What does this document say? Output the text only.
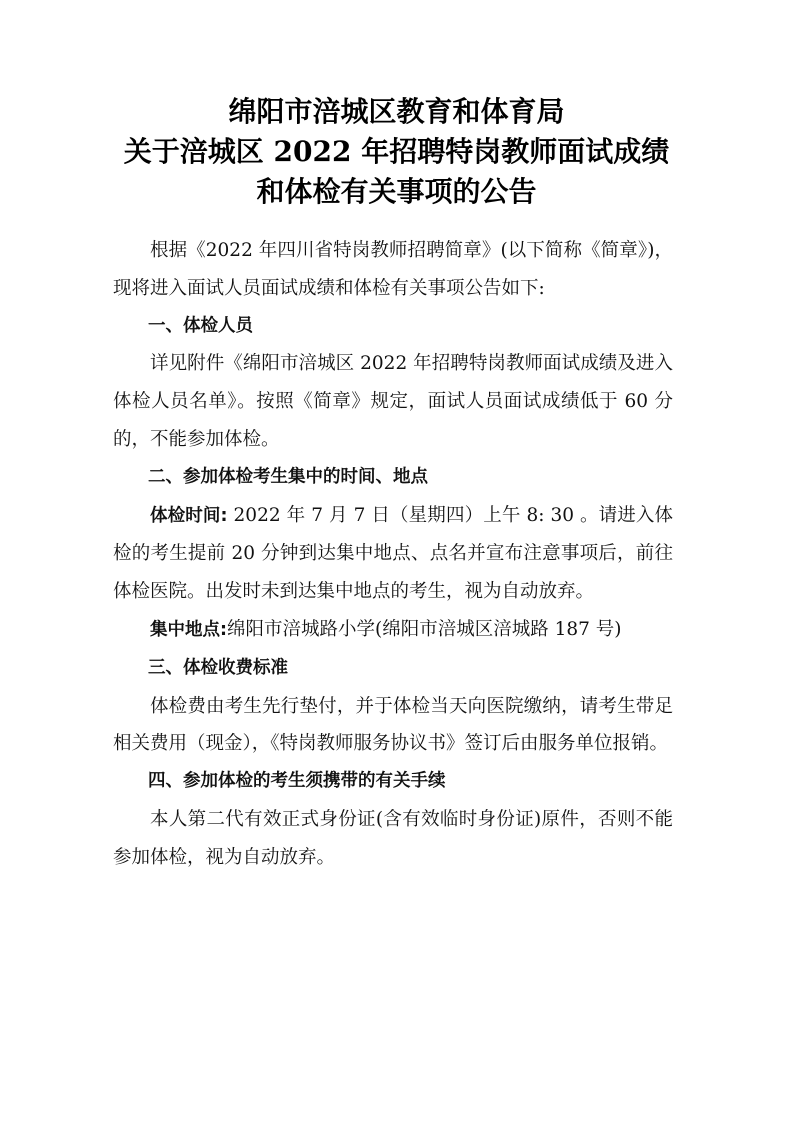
绵阳市涪城区教育和体育局
关于涪城区 2022 年招聘特岗教师面试成绩
和体检有关事项的公告

根据《2022 年四川省特岗教师招聘简章》(以下简称《简章》)，现将进入面试人员面试成绩和体检有关事项公告如下:

一、体检人员

详见附件《绵阳市涪城区 2022 年招聘特岗教师面试成绩及进入体检人员名单》。按照《简章》规定，面试人员面试成绩低于 60 分的，不能参加体检。

二、参加体检考生集中的时间、地点

体检时间: 2022 年 7 月 7 日（星期四）上午 8: 30 。请进入体检的考生提前 20 分钟到达集中地点、点名并宣布注意事项后，前往体检医院。出发时未到达集中地点的考生，视为自动放弃。

集中地点:绵阳市涪城路小学(绵阳市涪城区涪城路 187 号)

三、体检收费标准

体检费由考生先行垫付，并于体检当天向医院缴纳，请考生带足相关费用（现金），《特岗教师服务协议书》签订后由服务单位报销。

四、参加体检的考生须携带的有关手续

本人第二代有效正式身份证(含有效临时身份证)原件，否则不能参加体检，视为自动放弃。
